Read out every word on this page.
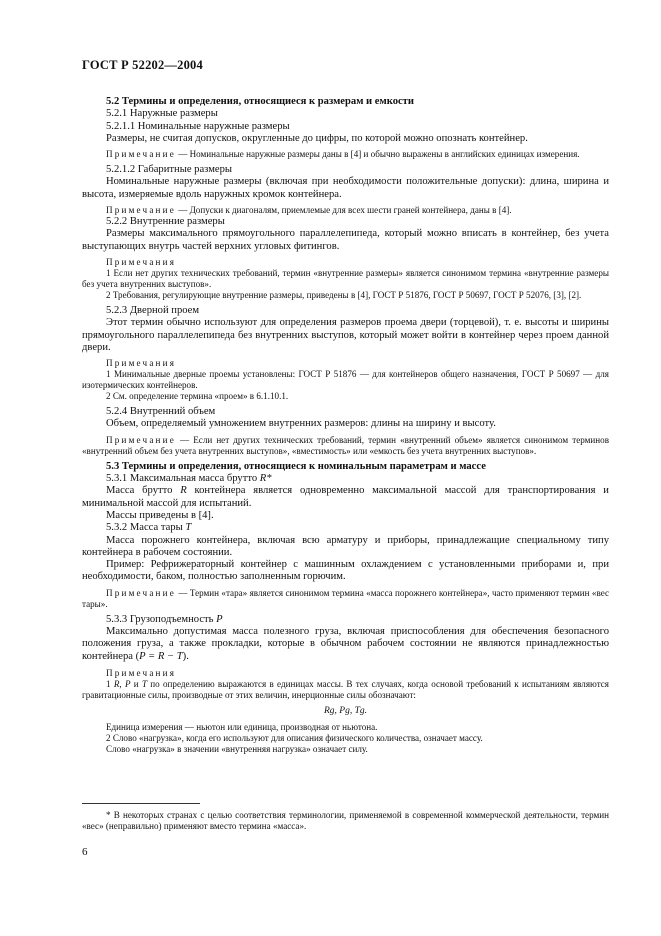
ГОСТ Р 52202—2004
5.2 Термины и определения, относящиеся к размерам и емкости
5.2.1 Наружные размеры
5.2.1.1 Номинальные наружные размеры
Размеры, не считая допусков, округленные до цифры, по которой можно опознать контейнер.
Примечание — Номинальные наружные размеры даны в [4] и обычно выражены в английских единицах измерения.
5.2.1.2 Габаритные размеры
Номинальные наружные размеры (включая при необходимости положительные допуски): длина, ширина и высота, измеряемые вдоль наружных кромок контейнера.
Примечание — Допуски к диагоналям, приемлемые для всех шести граней контейнера, даны в [4].
5.2.2 Внутренние размеры
Размеры максимального прямоугольного параллелепипеда, который можно вписать в контейнер, без учета выступающих внутрь частей верхних угловых фитингов.
Примечания
1 Если нет других технических требований, термин «внутренние размеры» является синонимом термина «внутренние размеры без учета внутренних выступов».
2 Требования, регулирующие внутренние размеры, приведены в [4], ГОСТ Р 51876, ГОСТ Р 50697, ГОСТ Р 52076, [3], [2].
5.2.3 Дверной проем
Этот термин обычно используют для определения размеров проема двери (торцевой), т. е. высоты и ширины прямоугольного параллелепипеда без внутренних выступов, который может войти в контейнер через проем данной двери.
Примечания
1 Минимальные дверные проемы установлены: ГОСТ Р 51876 — для контейнеров общего назначения, ГОСТ Р 50697 — для изотермических контейнеров.
2 См. определение термина «проем» в 6.1.10.1.
5.2.4 Внутренний объем
Объем, определяемый умножением внутренних размеров: длины на ширину и высоту.
Примечание — Если нет других технических требований, термин «внутренний объем» является синонимом терминов «внутренний объем без учета внутренних выступов», «вместимость» или «емкость без учета внутренних выступов».
5.3 Термины и определения, относящиеся к номинальным параметрам и массе
5.3.1 Максимальная масса брутто R*
Масса брутто R контейнера является одновременно максимальной массой для транспортирования и минимальной массой для испытаний.
Массы приведены в [4].
5.3.2 Масса тары T
Масса порожнего контейнера, включая всю арматуру и приборы, принадлежащие специальному типу контейнера в рабочем состоянии.
Пример: Рефрижераторный контейнер с машинным охлаждением с установленными приборами и, при необходимости, баком, полностью заполненным горючим.
Примечание — Термин «тара» является синонимом термина «масса порожнего контейнера», часто применяют термин «вес тары».
5.3.3 Грузоподъемность P
Максимально допустимая масса полезного груза, включая приспособления для обеспечения безопасного положения груза, а также прокладки, которые в обычном рабочем состоянии не являются принадлежностью контейнера (P = R − T).
Примечания
1 R, P и T по определению выражаются в единицах массы. В тех случаях, когда основой требований к испытаниям являются гравитационные силы, производные от этих величин, инерционные силы обозначают:
Rg, Pg, Tg.
Единица измерения — ньютон или единица, производная от ньютона.
2 Слово «нагрузка», когда его используют для описания физического количества, означает массу.
Слово «нагрузка» в значении «внутренняя нагрузка» означает силу.
* В некоторых странах с целью соответствия терминологии, применяемой в современной коммерческой деятельности, термин «вес» (неправильно) применяют вместо термина «масса».
6
